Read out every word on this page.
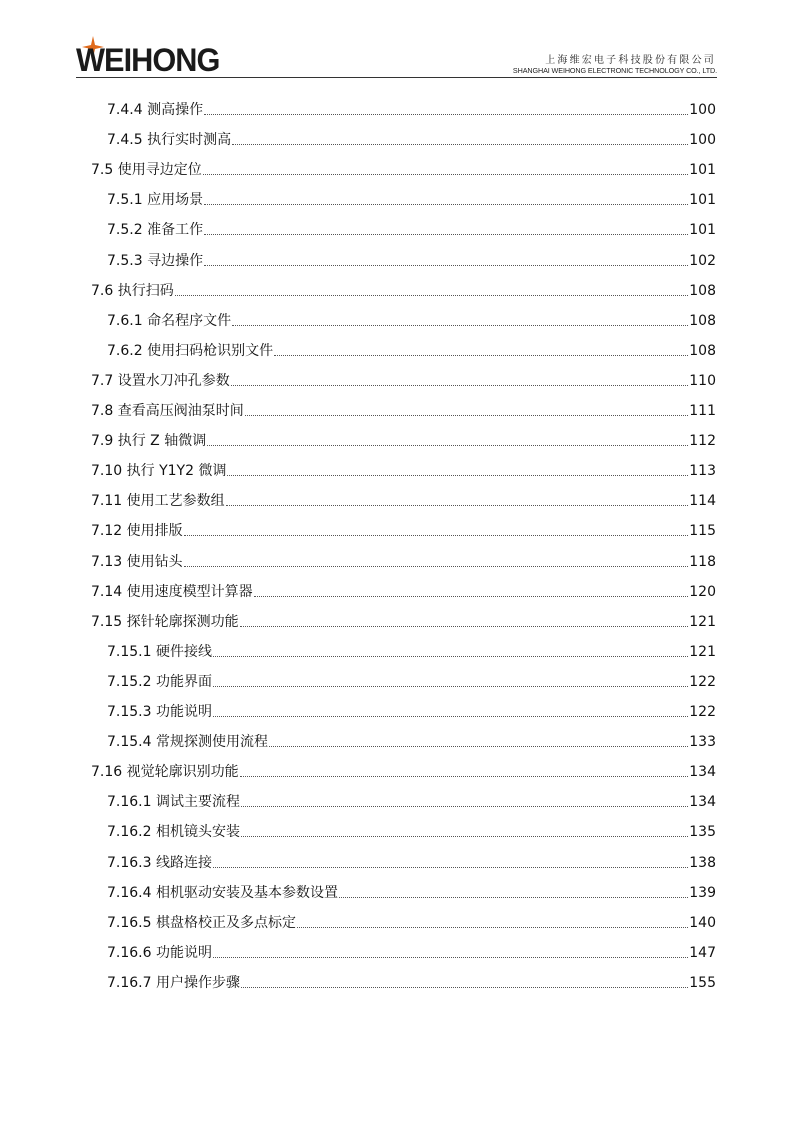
WEIHONG	上海维宏电子科技股份有限公司
SHANGHAI WEIHONG ELECTRONIC TECHNOLOGY CO., LTD.
7.4.4 测高操作	100
7.4.5 执行实时测高	100
7.5 使用寻边定位	101
7.5.1 应用场景	101
7.5.2 准备工作	101
7.5.3 寻边操作	102
7.6 执行扫码	108
7.6.1 命名程序文件	108
7.6.2 使用扫码枪识别文件	108
7.7 设置水刀冲孔参数	110
7.8 查看高压阀油泵时间	111
7.9 执行 Z 轴微调	112
7.10 执行 Y1Y2 微调	113
7.11 使用工艺参数组	114
7.12 使用排版	115
7.13 使用钻头	118
7.14 使用速度模型计算器	120
7.15 探针轮廓探测功能	121
7.15.1 硬件接线	121
7.15.2 功能界面	122
7.15.3 功能说明	122
7.15.4 常规探测使用流程	133
7.16 视觉轮廓识别功能	134
7.16.1 调试主要流程	134
7.16.2 相机镜头安装	135
7.16.3 线路连接	138
7.16.4 相机驱动安装及基本参数设置	139
7.16.5 棋盘格校正及多点标定	140
7.16.6 功能说明	147
7.16.7 用户操作步骤	155
